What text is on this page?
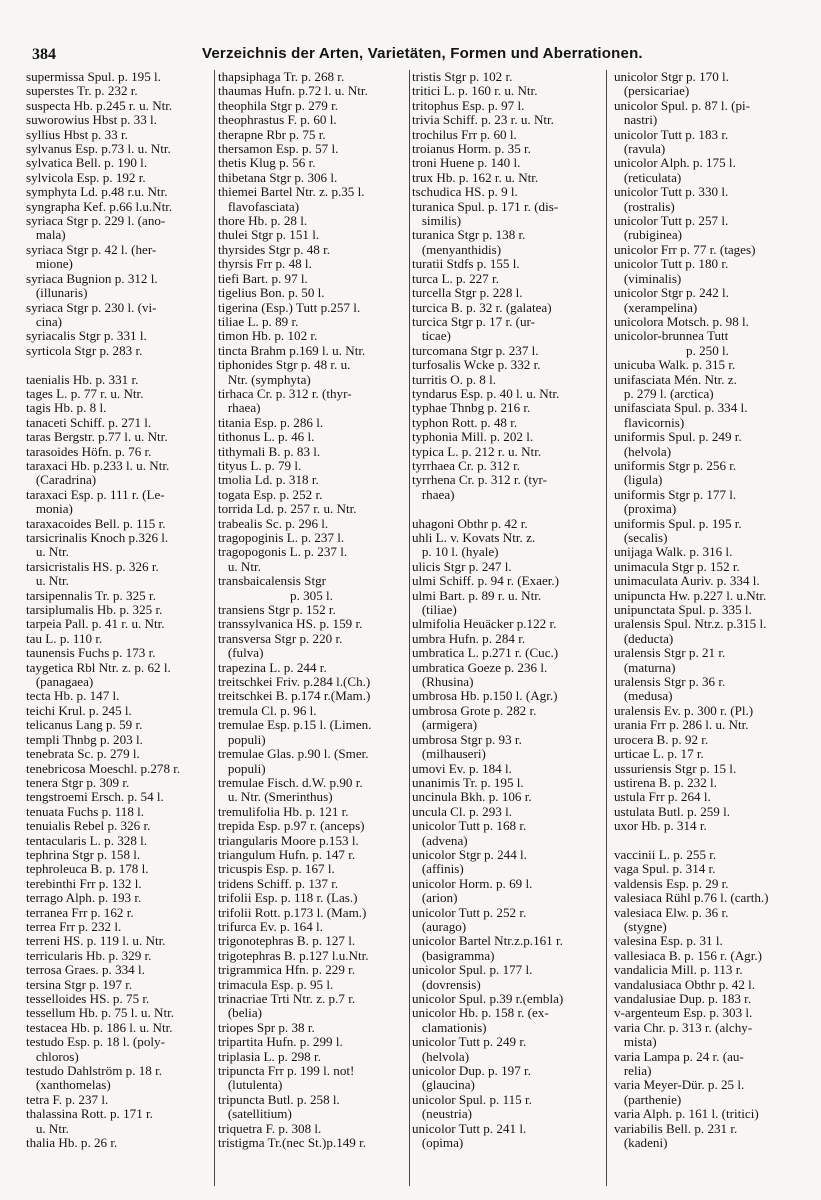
384	Verzeichnis der Arten, Varietäten, Formen und Aberrationen.
supermissa Spul. p. 195 l.
superstes Tr. p. 232 r.
suspecta Hb. p.245 r. u. Ntr.
suworowius Hbst p. 33 l.
syllius Hbst p. 33 r.
sylvanus Esp. p.73 l. u. Ntr.
sylvatica Bell. p. 190 l.
sylvicola Esp. p. 192 r.
symphyta Ld. p.48 r.u. Ntr.
syngrapha Kef. p.66 l.u.Ntr.
syriaca Stgr p. 229 l. (ano-
mala)
syriaca Stgr p. 42 l. (her-
mione)
syriaca Bugnion p. 312 l.
(illunaris)
syriaca Stgr p. 230 l. (vi-
cina)
syriacalis Stgr p. 331 l.
syrticola Stgr p. 283 r.

taenialis Hb. p. 331 r.
tages L. p. 77 r. u. Ntr.
tagis Hb. p. 8 l.
tanaceti Schiff. p. 271 l.
taras Bergstr. p.77 l. u. Ntr.
tarasoides Höfn. p. 76 r.
taraxaci Hb. p.233 l. u. Ntr.
(Caradrina)
taraxaci Esp. p. 111 r. (Le-
monia)
taraxacoides Bell. p. 115 r.
tarsicrinalis Knoch p.326 l.
u. Ntr.
tarsicristalis HS. p. 326 r.
u. Ntr.
tarsipennalis Tr. p. 325 r.
tarsiplumalis Hb. p. 325 r.
tarpeia Pall. p. 41 r. u. Ntr.
tau L. p. 110 r.
taunensis Fuchs p. 173 r.
taygetica Rbl Ntr. z. p. 62 l.
(panagaea)
tecta Hb. p. 147 l.
teichi Krul. p. 245 l.
telicanus Lang p. 59 r.
templi Thnbg p. 203 l.
tenebrata Sc. p. 279 l.
tenebricosa Moeschl. p.278 r.
tenera Stgr p. 309 r.
tengstroemi Ersch. p. 54 l.
tenuata Fuchs p. 118 l.
tenuialis Rebel p. 326 r.
tentacularis L. p. 328 l.
tephrina Stgr p. 158 l.
tephroleuca B. p. 178 l.
terebinthi Frr p. 132 l.
terrago Alph. p. 193 r.
terranea Frr p. 162 r.
terrea Frr p. 232 l.
terreni HS. p. 119 l. u. Ntr.
terricularis Hb. p. 329 r.
terrosa Graes. p. 334 l.
tersina Stgr p. 197 r.
tesselloides HS. p. 75 r.
tessellum Hb. p. 75 l. u. Ntr.
testacea Hb. p. 186 l. u. Ntr.
testudo Esp. p. 18 l. (poly-
chloros)
testudo Dahlström p. 18 r.
(xanthomelas)
tetra F. p. 237 l.
thalassina Rott. p. 171 r.
u. Ntr.
thalia Hb. p. 26 r.
thapsiphaga Tr. p. 268 r.
thaumas Hufn. p.72 l. u. Ntr.
theophila Stgr p. 279 r.
theophrastus F. p. 60 l.
therapne Rbr p. 75 r.
thersamon Esp. p. 57 l.
thetis Klug p. 56 r.
thibetana Stgr p. 306 l.
thiemei Bartel Ntr. z. p.35 l.
flavofasciata)
thore Hb. p. 28 l.
thulei Stgr p. 151 l.
thyrsides Stgr p. 48 r.
thyrsis Frr p. 48 l.
tiefi Bart. p. 97 l.
tigelius Bon. p. 50 l.
tigerina (Esp.) Tutt p.257 l.
tiliae L. p. 89 r.
timon Hb. p. 102 r.
tincta Brahm p.169 l. u. Ntr.
tiphonides Stgr p. 48 r. u.
Ntr. (symphyta)
tirhaca Cr. p. 312 r. (thyr-
rhaea)
titania Esp. p. 286 l.
tithonus L. p. 46 l.
tithymali B. p. 83 l.
tityus L. p. 79 l.
tmolia Ld. p. 318 r.
togata Esp. p. 252 r.
torrida Ld. p. 257 r. u. Ntr.
trabealis Sc. p. 296 l.
tragopoginis L. p. 237 l.
tragopogonis L. p. 237 l.
u. Ntr.
transbaicalensis Stgr
p. 305 l.
transiens Stgr p. 152 r.
transsylvanica HS. p. 159 r.
transversa Stgr p. 220 r.
(fulva)
trapezina L. p. 244 r.
treitschkei Friv. p.284 l.(Ch.)
treitschkei B. p.174 r.(Mam.)
tremula Cl. p. 96 l.
tremulae Esp. p.15 l. (Limen.
populi)
tremulae Glas. p.90 l. (Smer.
populi)
tremulae Fisch. d.W. p.90 r.
u. Ntr. (Smerinthus)
tremulifolia Hb. p. 121 r.
trepida Esp. p.97 r. (anceps)
triangularis Moore p.153 l.
triangulum Hufn. p. 147 r.
tricuspis Esp. p. 167 l.
tridens Schiff. p. 137 r.
trifolii Esp. p. 118 r. (Las.)
trifolii Rott. p.173 l. (Mam.)
trifurca Ev. p. 164 l.
trigonotephras B. p. 127 l.
trigotephras B. p.127 l.u.Ntr.
trigrammica Hfn. p. 229 r.
trimacula Esp. p. 95 l.
trinacriae Trti Ntr. z. p.7 r.
(belia)
triopes Spr p. 38 r.
tripartita Hufn. p. 299 l.
triplasia L. p. 298 r.
tripuncta Frr p. 199 l. not!
(lutulenta)
tripuncta Butl. p. 258 l.
(satellitium)
triquetra F. p. 308 l.
tristigma Tr.(nec St.)p.149 r.
tristis Stgr p. 102 r.
tritici L. p. 160 r. u. Ntr.
tritophus Esp. p. 97 l.
trivia Schiff. p. 23 r. u. Ntr.
trochilus Frr p. 60 l.
troianus Horm. p. 35 r.
troni Huene p. 140 l.
trux Hb. p. 162 r. u. Ntr.
tschudica HS. p. 9 l.
turanica Spul. p. 171 r. (dis-
similis)
turanica Stgr p. 138 r.
(menyanthidis)
turatii Stdfs p. 155 l.
turca L. p. 227 r.
turcella Stgr p. 228 l.
turcica B. p. 32 r. (galatea)
turcica Stgr p. 17 r. (ur-
ticae)
turcomana Stgr p. 237 l.
turfosalis Wcke p. 332 r.
turritis O. p. 8 l.
tyndarus Esp. p. 40 l. u. Ntr.
typhae Thnbg p. 216 r.
typhon Rott. p. 48 r.
typhonia Mill. p. 202 l.
typica L. p. 212 r. u. Ntr.
tyrrhaea Cr. p. 312 r.
tyrrhena Cr. p. 312 r. (tyr-
rhaea)

uhagoni Obthr p. 42 r.
uhli L. v. Kovats Ntr. z.
p. 10 l. (hyale)
ulicis Stgr p. 247 l.
ulmi Schiff. p. 94 r. (Exaer.)
ulmi Bart. p. 89 r. u. Ntr.
(tiliae)
ulmifolia Heuäcker p.122 r.
umbra Hufn. p. 284 r.
umbratica L. p.271 r. (Cuc.)
umbratica Goeze p. 236 l.
(Rhusina)
umbrosa Hb. p.150 l. (Agr.)
umbrosa Grote p. 282 r.
(armigera)
umbrosa Stgr p. 93 r.
(milhauseri)
umovi Ev. p. 184 l.
unanimis Tr. p. 195 l.
uncinula Bkh. p. 106 r.
uncula Cl. p. 293 l.
unicolor Tutt p. 168 r.
(advena)
unicolor Stgr p. 244 l.
(affinis)
unicolor Horm. p. 69 l.
(arion)
unicolor Tutt p. 252 r.
(aurago)
unicolor Bartel Ntr.z.p.161 r.
(basigramma)
unicolor Spul. p. 177 l.
(dovrensis)
unicolor Spul. p.39 r.(embla)
unicolor Hb. p. 158 r. (ex-
clamationis)
unicolor Tutt p. 249 r.
(helvola)
unicolor Dup. p. 197 r.
(glaucina)
unicolor Spul. p. 115 r.
(neustria)
unicolor Tutt p. 241 l.
(opima)
unicolor Stgr p. 170 l.
(persicariae)
unicolor Spul. p. 87 l. (pi-
nastri)
unicolor Tutt p. 183 r.
(ravula)
unicolor Alph. p. 175 l.
(reticulata)
unicolor Tutt p. 330 l.
(rostralis)
unicolor Tutt p. 257 l.
(rubiginea)
unicolor Frr p. 77 r. (tages)
unicolor Tutt p. 180 r.
(viminalis)
unicolor Stgr p. 242 l.
(xerampelina)
unicolora Motsch. p. 98 l.
unicolor-brunnea Tutt
p. 250 l.
unicuba Walk. p. 315 r.
unifasciata Mén. Ntr. z.
p. 279 l. (arctica)
unifasciata Spul. p. 334 l.
flavicornis)
uniformis Spul. p. 249 r.
(helvola)
uniformis Stgr p. 256 r.
(ligula)
uniformis Stgr p. 177 l.
(proxima)
uniformis Spul. p. 195 r.
(secalis)
unijaga Walk. p. 316 l.
unimacula Stgr p. 152 r.
unimaculata Auriv. p. 334 l.
unipuncta Hw. p.227 l. u.Ntr.
unipunctata Spul. p. 335 l.
uralensis Spul. Ntr.z. p.315 l.
(deducta)
uralensis Stgr p. 21 r.
(maturna)
uralensis Stgr p. 36 r.
(medusa)
uralensis Ev. p. 300 r. (Pl.)
urania Frr p. 286 l. u. Ntr.
urocera B. p. 92 r.
urticae L. p. 17 r.
ussuriensis Stgr p. 15 l.
ustirena B. p. 232 l.
ustula Frr p. 264 l.
ustulata Butl. p. 259 l.
uxor Hb. p. 314 r.

vaccinii L. p. 255 r.
vaga Spul. p. 314 r.
valdensis Esp. p. 29 r.
valesiaca Rühl p.76 l. (carth.)
valesiaca Elw. p. 36 r.
(stygne)
valesina Esp. p. 31 l.
vallesiaca B. p. 156 r. (Agr.)
vandalicia Mill. p. 113 r.
vandalusiaca Obthr p. 42 l.
vandalusiae Dup. p. 183 r.
v-argenteum Esp. p. 303 l.
varia Chr. p. 313 r. (alchy-
mista)
varia Lampa p. 24 r. (au-
relia)
varia Meyer-Dür. p. 25 l.
(parthenie)
varia Alph. p. 161 l. (tritici)
variabilis Bell. p. 231 r.
(kadeni)
